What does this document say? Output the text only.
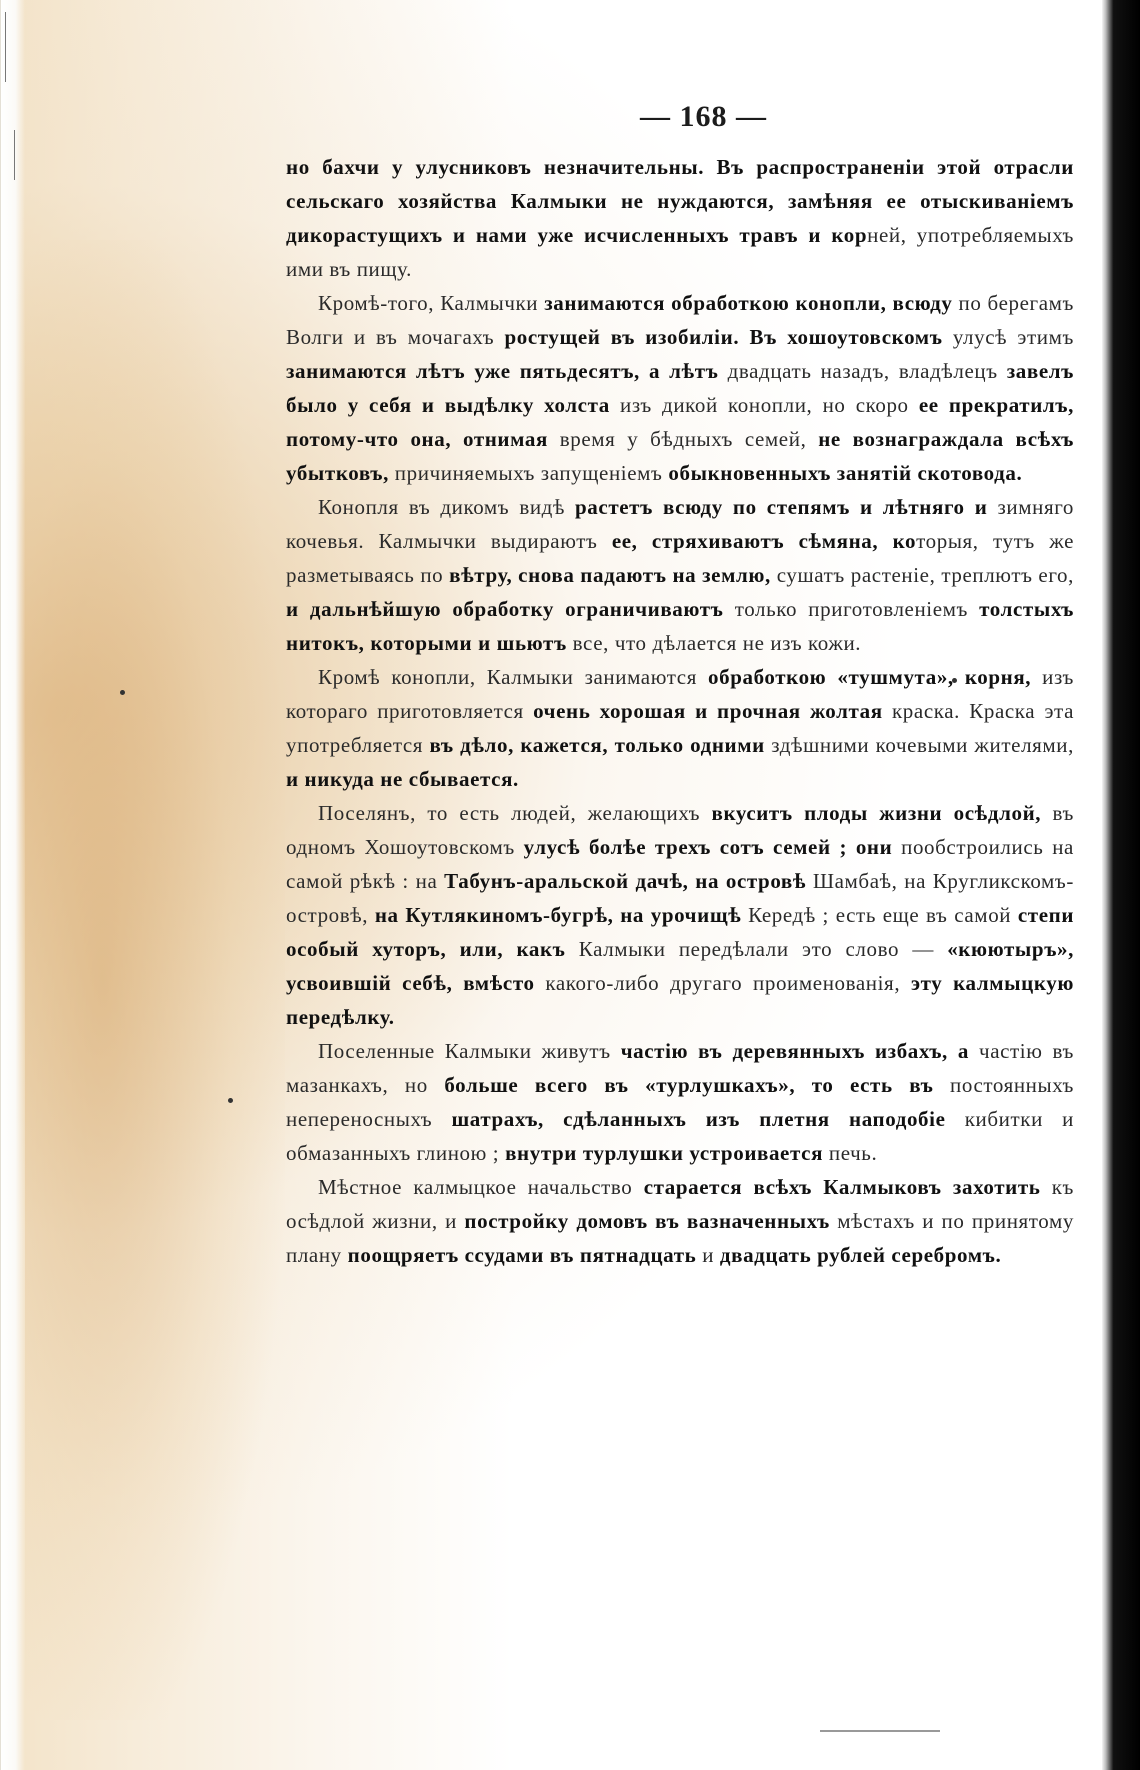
— 168 —

но бахчи у улусниковъ незначительны. Въ распространеніи этой отрасли сельскаго хозяйства Калмыки не нуждаются, замѣняя ее отыскиваніемъ дикорастущихъ и нами уже исчисленныхъ травъ и корней, употребляемыхъ ими въ пищу.

Кромѣ-того, Калмычки занимаются обработкою конопли, всюду по берегамъ Волги и въ мочагахъ ростущей въ изобиліи. Въ хошоутовскомъ улусѣ этимъ занимаются лѣтъ уже пятьдесятъ, а лѣтъ двадцать назадъ, владѣлецъ завелъ было у себя и выдѣлку холста изъ дикой конопли, но скоро ее прекратилъ, потому-что она, отнимая время у бѣдныхъ семей, не вознаграждала всѣхъ убытковъ, причиняемыхъ запущеніемъ обыкновенныхъ занятій скотовода.

Конопля въ дикомъ видѣ растетъ всюду по степямъ и лѣтняго и зимняго кочевья. Калмычки выдираютъ ее, стряхиваютъ сѣмяна, которыя, тутъ же разметываясь по вѣтру, снова падаютъ на землю, сушатъ растеніе, треплютъ его, и дальнѣйшую обработку ограничиваютъ только приготовленіемъ толстыхъ нитокъ, которыми и шьютъ все, что дѣлается не изъ кожи.

Кромѣ конопли, Калмыки занимаются обработкою «тушмута», корня, изъ котораго приготовляется очень хорошая и прочная жолтая краска. Краска эта употребляется въ дѣло, кажется, только одними здѣшними кочевыми жителями, и никуда не сбывается.

Поселянъ, то есть людей, желающихъ вкуситъ плоды жизни осѣдлой, въ одномъ Хошоутовскомъ улусѣ болѣе трехъ сотъ семей ; они пообстроились на самой рѣкѣ : на Табунъ-аральской дачѣ, на островѣ Шамбаѣ, на Кругликскомъ-островѣ, на Кутлякиномъ-бугрѣ, на урочищѣ Кередѣ ; есть еще въ самой степи особый хуторъ, или, какъ Калмыки передѣлали это слово — «кюютыръ», усвоившій себѣ, вмѣсто какого-либо другаго проименованія, эту калмыцкую передѣлку.

Поселенные Калмыки живутъ частію въ деревянныхъ избахъ, а частію въ мазанкахъ, но больше всего въ «турлушкахъ», то есть въ постоянныхъ непереносныхъ шатрахъ, сдѣланныхъ изъ плетня наподобіе кибитки и обмазанныхъ глиною ; внутри турлушки устроивается печь.

Мѣстное калмыцкое начальство старается всѣхъ Калмыковъ захотить къ осѣдлой жизни, и постройку домовъ въ вазначенныхъ мѣстахъ и по принятому плану поощряетъ ссудами въ пятнадцать и двадцать рублей серебромъ.
